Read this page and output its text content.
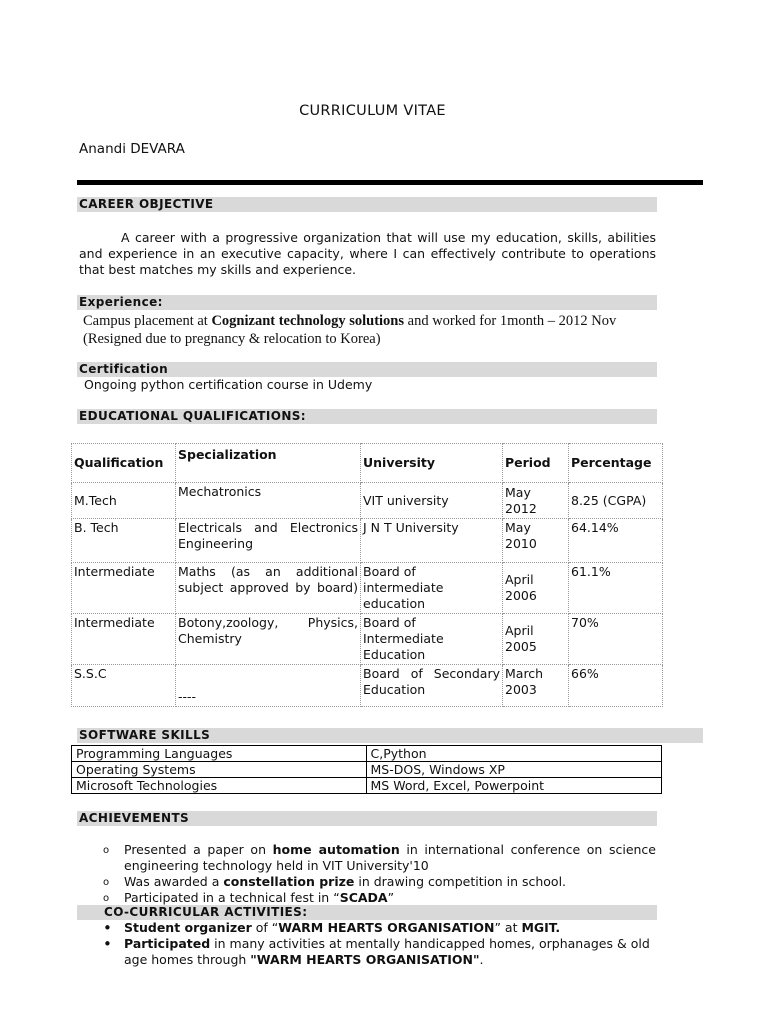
CURRICULUM VITAE
Anandi DEVARA
CAREER OBJECTIVE
A career with a progressive organization that will use my education, skills, abilities and experience in an executive capacity, where I can effectively contribute to operations that best matches my skills and experience.
Experience:
Campus placement at Cognizant technology solutions and worked for 1month – 2012 Nov
(Resigned due to pregnancy & relocation to Korea)
Certification
Ongoing python certification course in Udemy
EDUCATIONAL QUALIFICATIONS:
Qualification	Specialization	University	Period	Percentage
M.Tech	Mechatronics	VIT university	May 2012	8.25 (CGPA)
B. Tech	Electricals and Electronics Engineering	J N T University	May 2010	64.14%
Intermediate	Maths (as an additional subject approved by board)	Board of intermediate education	April 2006	61.1%
Intermediate	Botony,zoology, Physics, Chemistry	Board of Intermediate Education	April 2005	70%
S.S.C	----	Board of Secondary Education	March 2003	66%
SOFTWARE SKILLS
Programming Languages	C,Python
Operating Systems	MS-DOS, Windows XP
Microsoft Technologies	MS Word, Excel, Powerpoint
ACHIEVEMENTS
o Presented a paper on home automation in international conference on science engineering technology held in VIT University'10
o Was awarded a constellation prize in drawing competition in school.
o Participated in a technical fest in “SCADA”
CO-CURRICULAR ACTIVITIES:
• Student organizer of “WARM HEARTS ORGANISATION” at MGIT.
• Participated in many activities at mentally handicapped homes, orphanages & old age homes through "WARM HEARTS ORGANISATION".
